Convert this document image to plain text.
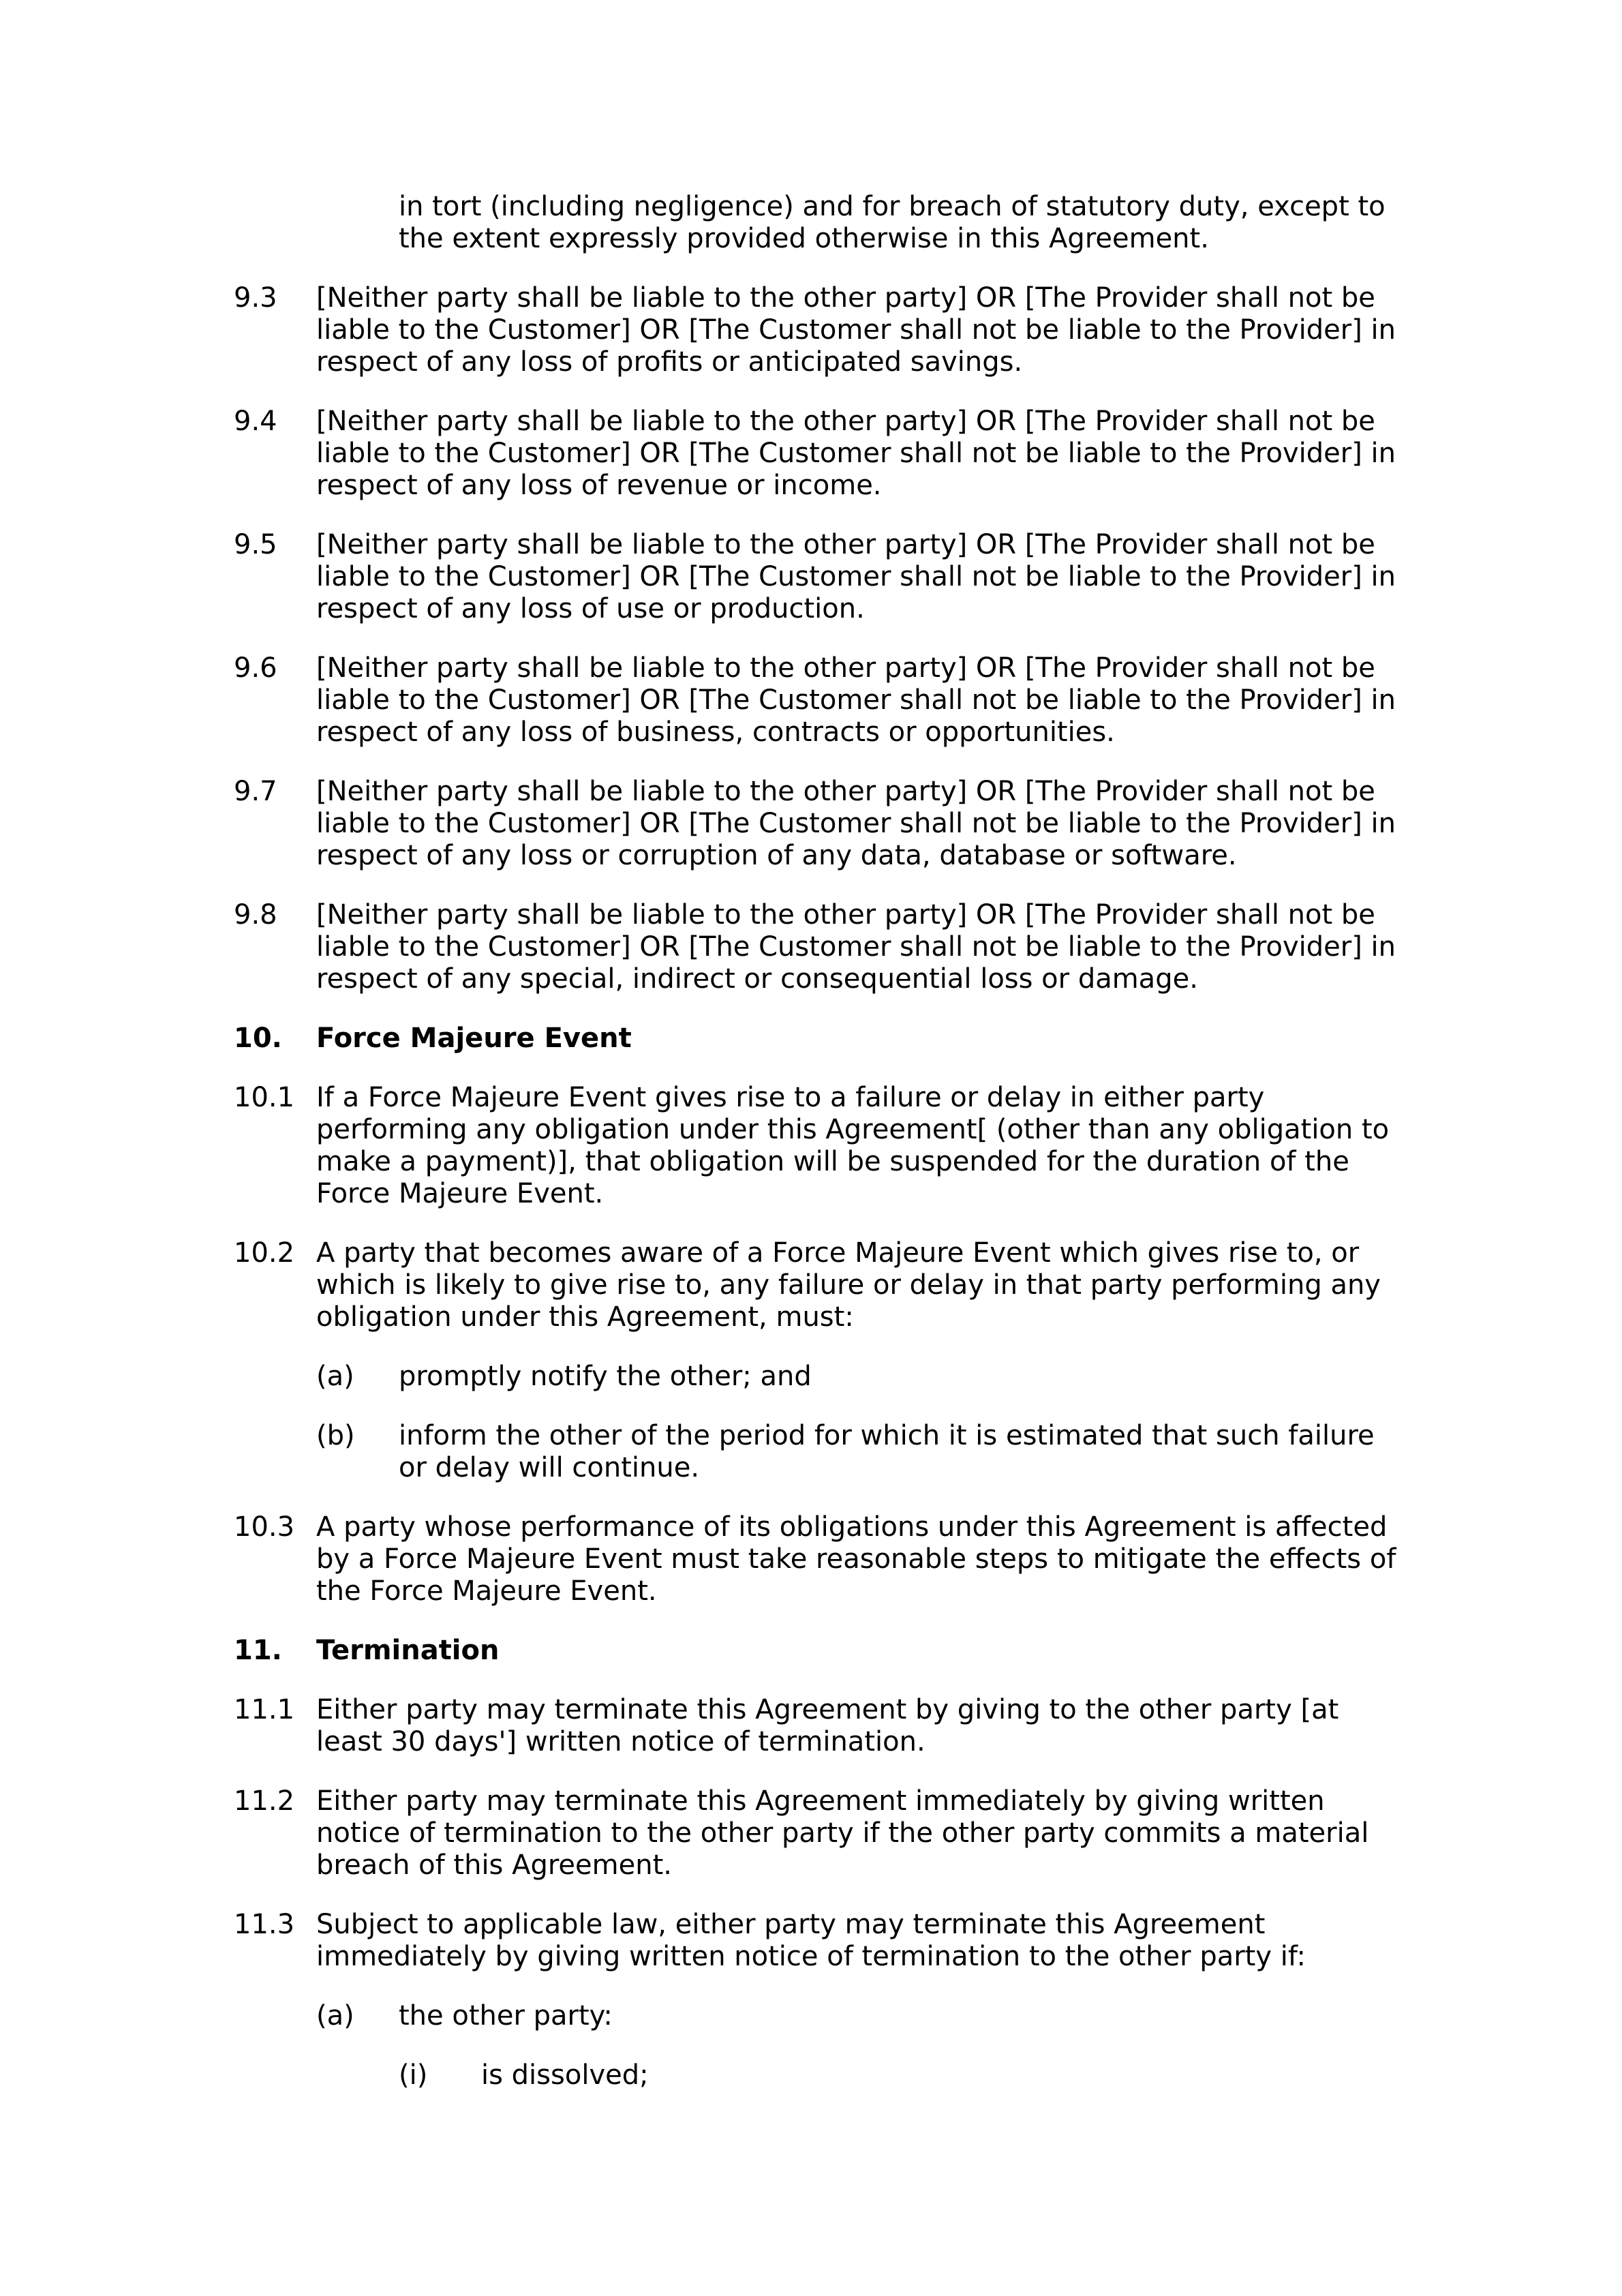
in tort (including negligence) and for breach of statutory duty, except to the extent expressly provided otherwise in this Agreement.
9.3 [Neither party shall be liable to the other party] OR [The Provider shall not be liable to the Customer] OR [The Customer shall not be liable to the Provider] in respect of any loss of profits or anticipated savings.
9.4 [Neither party shall be liable to the other party] OR [The Provider shall not be liable to the Customer] OR [The Customer shall not be liable to the Provider] in respect of any loss of revenue or income.
9.5 [Neither party shall be liable to the other party] OR [The Provider shall not be liable to the Customer] OR [The Customer shall not be liable to the Provider] in respect of any loss of use or production.
9.6 [Neither party shall be liable to the other party] OR [The Provider shall not be liable to the Customer] OR [The Customer shall not be liable to the Provider] in respect of any loss of business, contracts or opportunities.
9.7 [Neither party shall be liable to the other party] OR [The Provider shall not be liable to the Customer] OR [The Customer shall not be liable to the Provider] in respect of any loss or corruption of any data, database or software.
9.8 [Neither party shall be liable to the other party] OR [The Provider shall not be liable to the Customer] OR [The Customer shall not be liable to the Provider] in respect of any special, indirect or consequential loss or damage.
10. Force Majeure Event
10.1 If a Force Majeure Event gives rise to a failure or delay in either party performing any obligation under this Agreement[ (other than any obligation to make a payment)], that obligation will be suspended for the duration of the Force Majeure Event.
10.2 A party that becomes aware of a Force Majeure Event which gives rise to, or which is likely to give rise to, any failure or delay in that party performing any obligation under this Agreement, must:
(a) promptly notify the other; and
(b) inform the other of the period for which it is estimated that such failure or delay will continue.
10.3 A party whose performance of its obligations under this Agreement is affected by a Force Majeure Event must take reasonable steps to mitigate the effects of the Force Majeure Event.
11. Termination
11.1 Either party may terminate this Agreement by giving to the other party [at least 30 days'] written notice of termination.
11.2 Either party may terminate this Agreement immediately by giving written notice of termination to the other party if the other party commits a material breach of this Agreement.
11.3 Subject to applicable law, either party may terminate this Agreement immediately by giving written notice of termination to the other party if:
(a) the other party:
(i) is dissolved;
